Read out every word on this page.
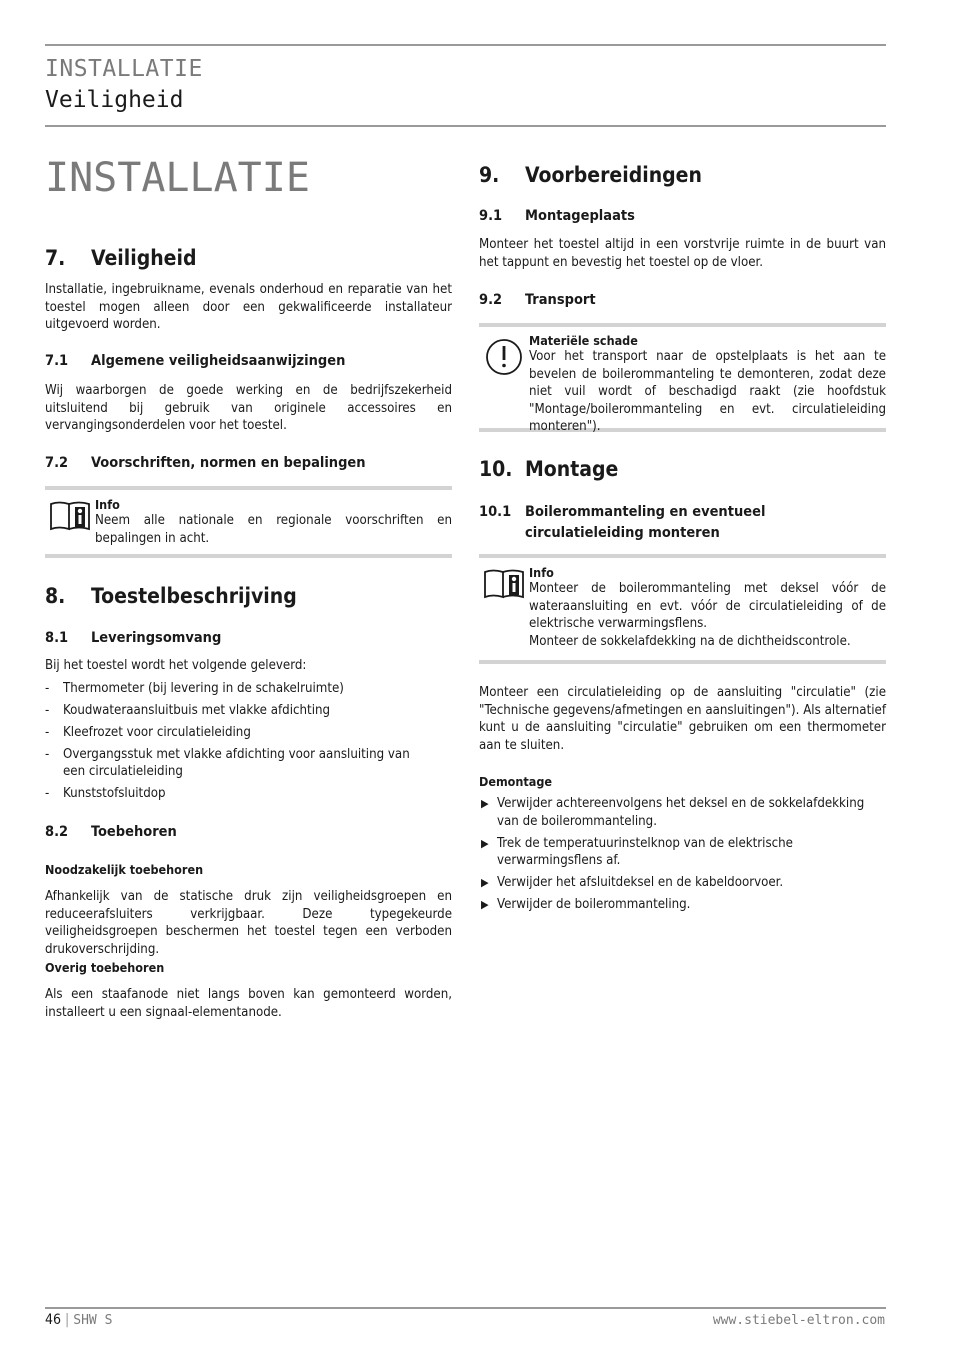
INSTALLATIE
Veiligheid
INSTALLATIE
7.	Veiligheid

Installatie, ingebruikname, evenals onderhoud en reparatie van het toestel mogen alleen door een gekwalificeerde installateur uitgevoerd worden.

7.1	Algemene veiligheidsaanwijzingen

Wij waarborgen de goede werking en de bedrijfszekerheid uitsluitend bij gebruik van originele accessoires en vervangingsonderdelen voor het toestel.

7.2	Voorschriften, normen en bepalingen
Info
Neem alle nationale en regionale voorschriften en bepalingen in acht.
8.	Toestelbeschrijving
8.1	Leveringsomvang

Bij het toestel wordt het volgende geleverd:

- Thermometer (bij levering in de schakelruimte)
- Koudwateraansluitbuis met vlakke afdichting
- Kleefrozet voor circulatieleiding
- Overgangsstuk met vlakke afdichting voor aansluiting van een circulatieleiding
- Kunststofsluitdop
8.2	Toebehoren

Noodzakelijk toebehoren

Afhankelijk van de statische druk zijn veiligheidsgroepen en reduceerafsluiters verkrijgbaar. Deze typegekeurde veiligheidsgroepen beschermen het toestel tegen een verboden drukoverschrijding.

Overig toebehoren

Als een staafanode niet langs boven kan gemonteerd worden, installeert u een signaal-elementanode.

9.	Voorbereidingen
9.1	Montageplaats

Monteer het toestel altijd in een vorstvrije ruimte in de buurt van het tappunt en bevestig het toestel op de vloer.

9.2	Transport
Materiële schade
Voor het transport naar de opstelplaats is het aan te bevelen de boilerommanteling te demonteren, zodat deze niet vuil wordt of beschadigd raakt (zie hoofdstuk "Montage/boilerommanteling en evt. circulatieleiding monteren").
10. Montage
10.1 Boilerommanteling en eventueel
circulatieleiding monteren
Info
Monteer de boilerommanteling met deksel vóór de wateraansluiting en evt. vóór de circulatieleiding of de elektrische verwarmingsflens.
Monteer de sokkelafdekking na de dichtheidscontrole.

Monteer een circulatieleiding op de aansluiting "circulatie" (zie "Technische gegevens/afmetingen en aansluitingen"). Als alternatief kunt u de aansluiting "circulatie" gebruiken om een thermometer aan te sluiten.

Demontage

▶ Verwijder achtereenvolgens het deksel en de sokkelafdekking van de boilerommanteling.
▶ Trek de temperatuurinstelknop van de elektrische verwarmingsflens af.
▶ Verwijder het afsluitdeksel en de kabeldoorvoer.
▶ Verwijder de boilerommanteling.
46 | SHW S	www.stiebel-eltron.com
